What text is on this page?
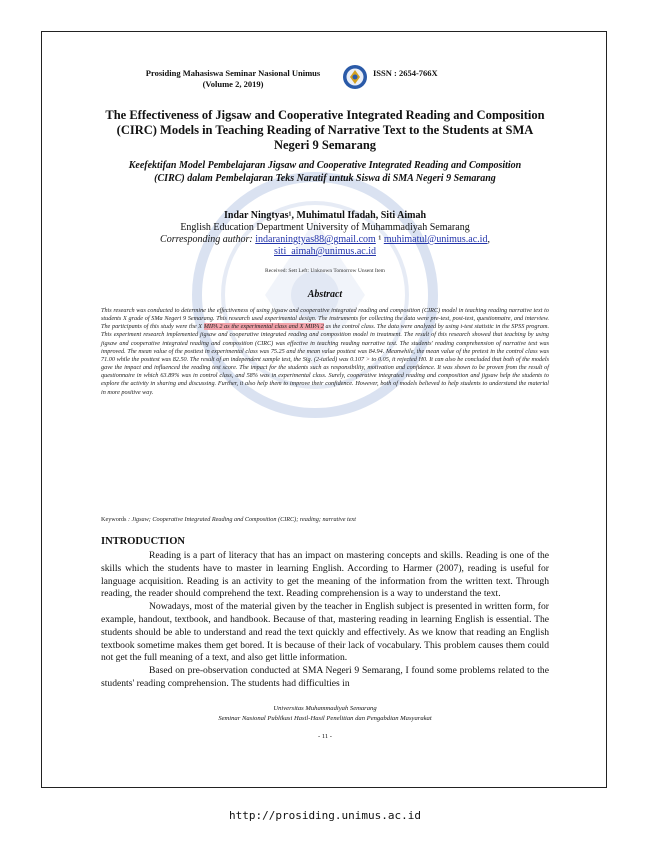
Prosiding Mahasiswa Seminar Nasional Unimus
(Volume 2, 2019)
ISSN : 2654-766X
The Effectiveness of Jigsaw and Cooperative Integrated Reading and Composition (CIRC) Models in Teaching Reading of Narrative Text to the Students at SMA Negeri 9 Semarang
Keefektifan Model Pembelajaran Jigsaw and Cooperative Integrated Reading and Composition (CIRC) dalam Pembelajaran Teks Naratif untuk Siswa di SMA Negeri 9 Semarang
Indar Ningtyas¹, Muhimatul Ifadah, Siti Aimah
English Education Department University of Muhammadiyah Semarang
Corresponding author: indaraningtyas88@gmail.com ¹ muhimatul@unimus.ac.id,
siti_aimah@unimus.ac.id
Received: Sett Left: Unknown Tomorrow Unsent Item
Abstract
This research was conducted to determine the effectiveness of using jigsaw and cooperative integrated reading and composition (CIRC) model in teaching reading narrative text to students X grade of SMa Negeri 9 Semarang. This research used experimental design. The instruments for collecting the data were pre-test, post-test, questionnaire, and interview. The participants of this study were the X MIPA 2 as the experimental class and X MIPA 2 as the control class. The data were analyzed by using t-test statistic in the SPSS program. This experiment research implemented jigsaw and cooperative integrated reading and composition model in treatment. The result of this research showed that teaching by using jigsaw and cooperative integrated reading and composition (CIRC) was effective in teaching reading narrative text. The students' reading comprehension of narrative text was improved. The mean value of the posttest in experimental class was 75.25 and the mean value posttest was 84.94. Meanwhile, the mean value of the pretest in the control class was 71.00 while the posttest was 82.50. The result of an independent sample test, the Sig. (2-tailed) was 0.107 > to 0.05, it rejected H0. It can also be concluded that both of the models gave the impact and influenced the reading test score. The impact for the students such as responsibility, motivation and confidence. It was shown to be proven from the result of questionnaire in which 63.89% was in control class, and 58% was in experimental class. Surely, cooperative integrated reading and composition and jigsaw help the students to explore the activity in sharing and discussing. Further, it also help them to improve their confidence. However, both of models believed to help students to understand the material in more positive way.
Keywords : Jigsaw; Cooperative Integrated Reading and Composition (CIRC); reading; narrative text
INTRODUCTION

Reading is a part of literacy that has an impact on mastering concepts and skills. Reading is one of the skills which the students have to master in learning English. According to Harmer (2007), reading is useful for language acquisition. Reading is an activity to get the meaning of the information from the written text. Through reading, the reader should comprehend the text. Reading comprehension is a way to understand the text.

Nowadays, most of the material given by the teacher in English subject is presented in written form, for example, handout, textbook, and handbook. Because of that, mastering reading in learning English is essential. The students should be able to understand and read the text quickly and effectively. As we know that reading an English textbook sometime makes them get bored. It is because of their lack of vocabulary. This problem causes them could not get the full meaning of a text, and also get little information.

Based on pre-observation conducted at SMA Negeri 9 Semarang, I found some problems related to the students' reading comprehension. The students had difficulties in

Universitas Muhammadiyah Semarang
Seminar Nasional Publikasi Hasil-Hasil Penelitian dan Pengabdian Masyarakat
- 11 -
http://prosiding.unimus.ac.id
